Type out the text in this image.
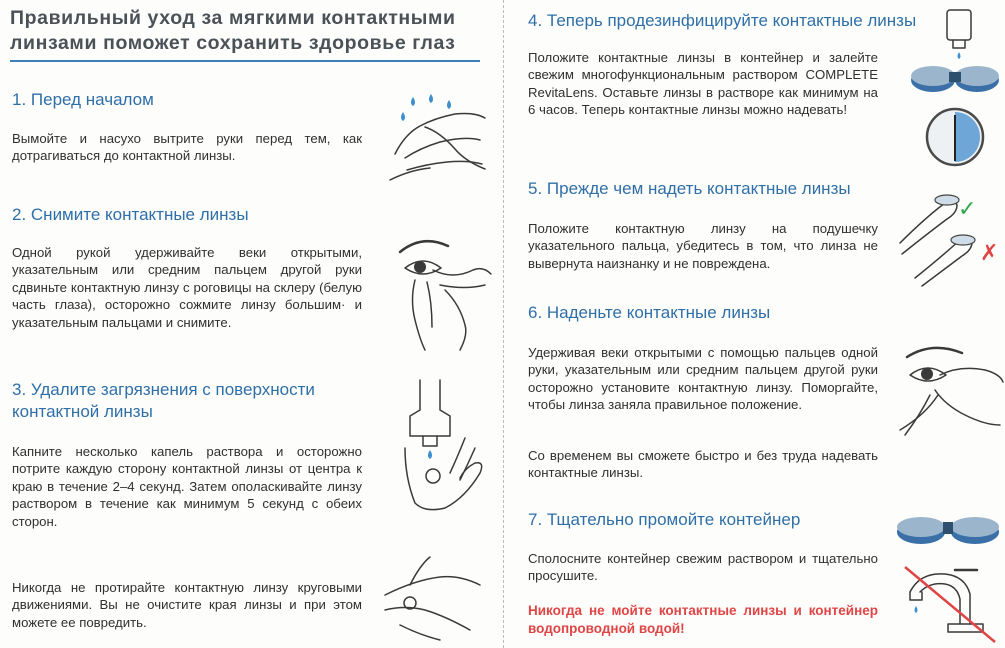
Правильный уход за мягкими контактными линзами поможет сохранить здоровье глаз
1. Перед началом
Вымойте и насухо вытрите руки перед тем, как дотрагиваться до контактной линзы.
2. Снимите контактные линзы
Одной рукой удерживайте веки открытыми, указательным или средним пальцем другой руки сдвиньте контактную линзу с роговицы на склеру (белую часть глаза), осторожно сожмите линзу большим· и указательным пальцами и снимите.
3. Удалите загрязнения с поверхности контактной линзы
Капните несколько капель раствора и осторожно потрите каждую сторону контактной линзы от центра к краю в течение 2–4 секунд. Затем ополаскивайте линзу раствором в течение как минимум 5 секунд с обеих сторон.
Никогда не протирайте контактную линзу круговыми движениями. Вы не очистите края линзы и при этом можете ее повредить.
4. Теперь продезинфицируйте контактные линзы
Положите контактные линзы в контейнер и залейте свежим многофункциональным раствором COMPLETE RevitaLens. Оставьте линзы в растворе как минимум на 6 часов. Теперь контактные линзы можно надевать!
5. Прежде чем надеть контактные линзы
Положите контактную линзу на подушечку указательного пальца, убедитесь в том, что линза не вывернута наизнанку и не повреждена.
6. Наденьте контактные линзы
Удерживая веки открытыми с помощью пальцев одной руки, указательным или средним пальцем другой руки осторожно установите контактную линзу. Поморгайте, чтобы линза заняла правильное положение.
Со временем вы сможете быстро и без труда надевать контактные линзы.
7. Тщательно промойте контейнер
Сполосните контейнер свежим раствором и тщательно просушите.
Никогда не мойте контактные линзы и контейнер водопроводной водой!
✓
✗
